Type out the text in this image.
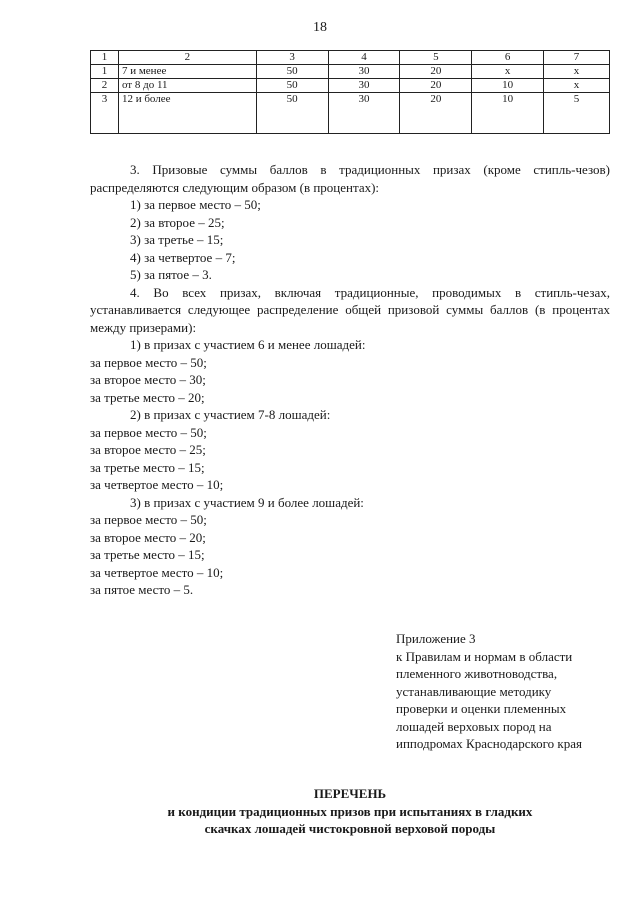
18
1	2	3	4	5	6	7
1	7 и менее	50	30	20	х	х
2	от 8 до 11	50	30	20	10	х
3	12 и более	50	30	20	10	5

3. Призовые суммы баллов в традиционных призах (кроме стипль-чезов) распределяются следующим образом (в процентах):

1) за первое место – 50;

2) за второе – 25;

3) за третье – 15;

4) за четвертое – 7;

5) за пятое – 3.

4. Во всех призах, включая традиционные, проводимых в стипль-чезах, устанавливается следующее распределение общей призовой суммы баллов (в процентах между призерами):

1) в призах с участием 6 и менее лошадей:

за первое место – 50;

за второе место – 30;

за третье место – 20;

2) в призах с участием 7-8 лошадей:

за первое место – 50;

за второе место – 25;

за третье место – 15;

за четвертое место – 10;

3) в призах с участием 9 и более лошадей:

за первое место – 50;

за второе место – 20;

за третье место – 15;

за четвертое место – 10;

за пятое место – 5.

Приложение 3
к Правилам и нормам в области
племенного животноводства,
устанавливающие методику
проверки и оценки племенных
лошадей верховых пород на
ипподромах Краснодарского края
ПЕРЕЧЕНЬ
и кондиции традиционных призов при испытаниях в гладких
скачках лошадей чистокровной верховой породы
